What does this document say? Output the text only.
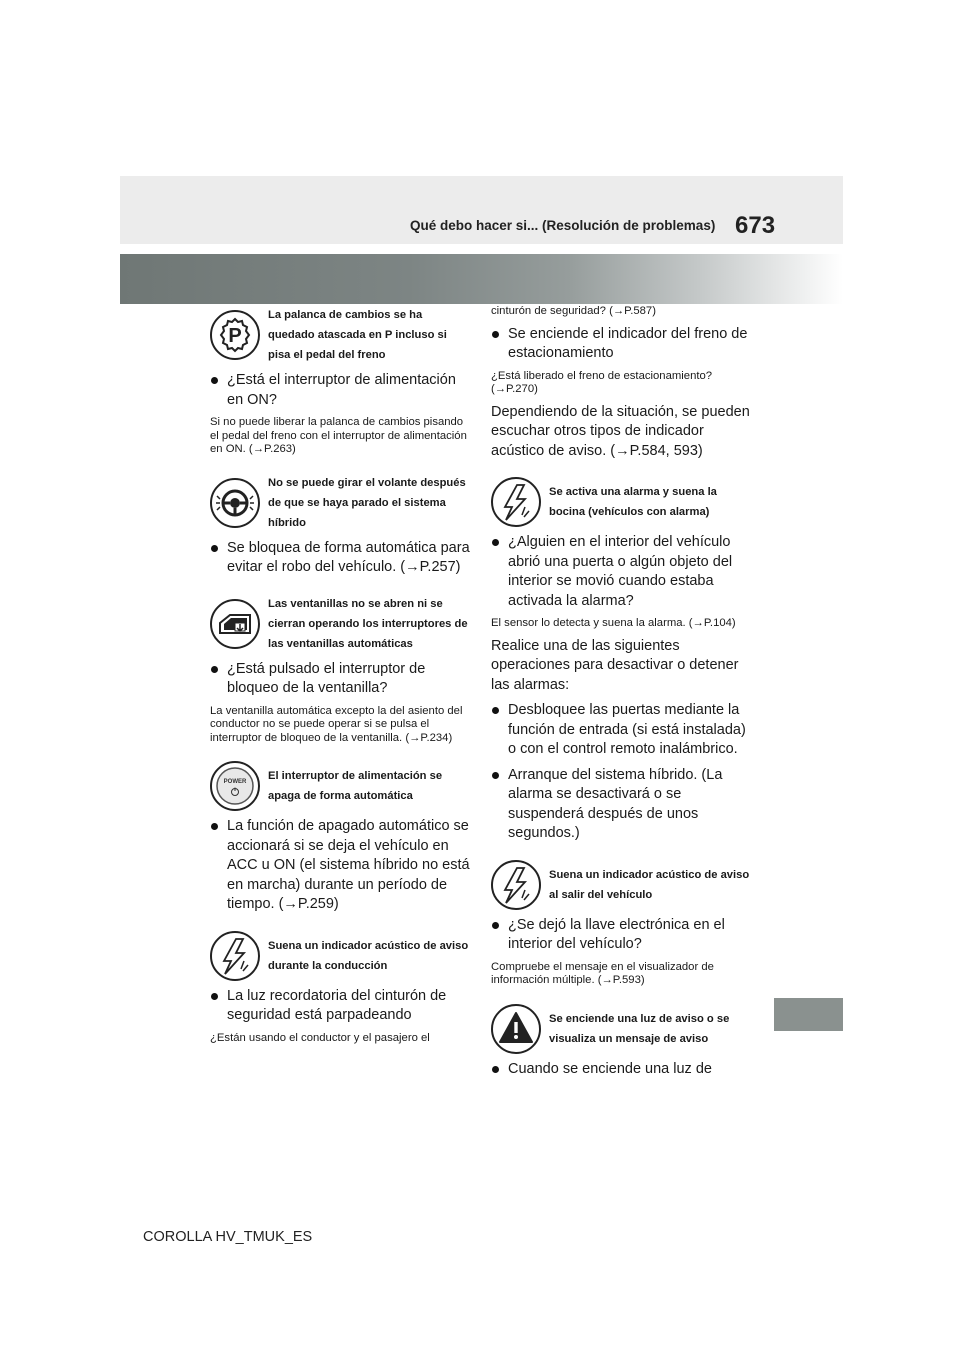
Qué debo hacer si... (Resolución de problemas) 673
P
La palanca de cambios se ha quedado atascada en P incluso si pisa el pedal del freno
¿Está el interruptor de alimentación en ON?
Si no puede liberar la palanca de cambios pisando el pedal del freno con el interruptor de alimentación en ON. (→P.263)
No se puede girar el volante después de que se haya parado el sistema híbrido
Se bloquea de forma automática para evitar el robo del vehículo. (→P.257)
Las ventanillas no se abren ni se cierran operando los interruptores de las ventanillas automáticas
¿Está pulsado el interruptor de bloqueo de la ventanilla?
La ventanilla automática excepto la del asiento del conductor no se puede operar si se pulsa el interruptor de bloqueo de la ventanilla. (→P.234)
POWER El interruptor de alimentación se apaga de forma automática
La función de apagado automático se accionará si se deja el vehículo en ACC u ON (el sistema híbrido no está en marcha) durante un período de tiempo. (→P.259)
Suena un indicador acústico de aviso durante la conducción
La luz recordatoria del cinturón de seguridad está parpadeando
¿Están usando el conductor y el pasajero el
cinturón de seguridad? (→P.587)
Se enciende el indicador del freno de estacionamiento
¿Está liberado el freno de estacionamiento? (→P.270)
Dependiendo de la situación, se pueden escuchar otros tipos de indicador acústico de aviso. (→P.584, 593)
Se activa una alarma y suena la bocina (vehículos con alarma)
¿Alguien en el interior del vehículo abrió una puerta o algún objeto del interior se movió cuando estaba activada la alarma?
El sensor lo detecta y suena la alarma. (→P.104)
Realice una de las siguientes operaciones para desactivar o detener las alarmas:
Desbloquee las puertas mediante la función de entrada (si está instalada) o con el control remoto inalámbrico.
Arranque del sistema híbrido. (La alarma se desactivará o se suspenderá después de unos segundos.)
Suena un indicador acústico de aviso al salir del vehículo
¿Se dejó la llave electrónica en el interior del vehículo?
Compruebe el mensaje en el visualizador de información múltiple. (→P.593)
Se enciende una luz de aviso o se visualiza un mensaje de aviso
Cuando se enciende una luz de
COROLLA HV_TMUK_ES
